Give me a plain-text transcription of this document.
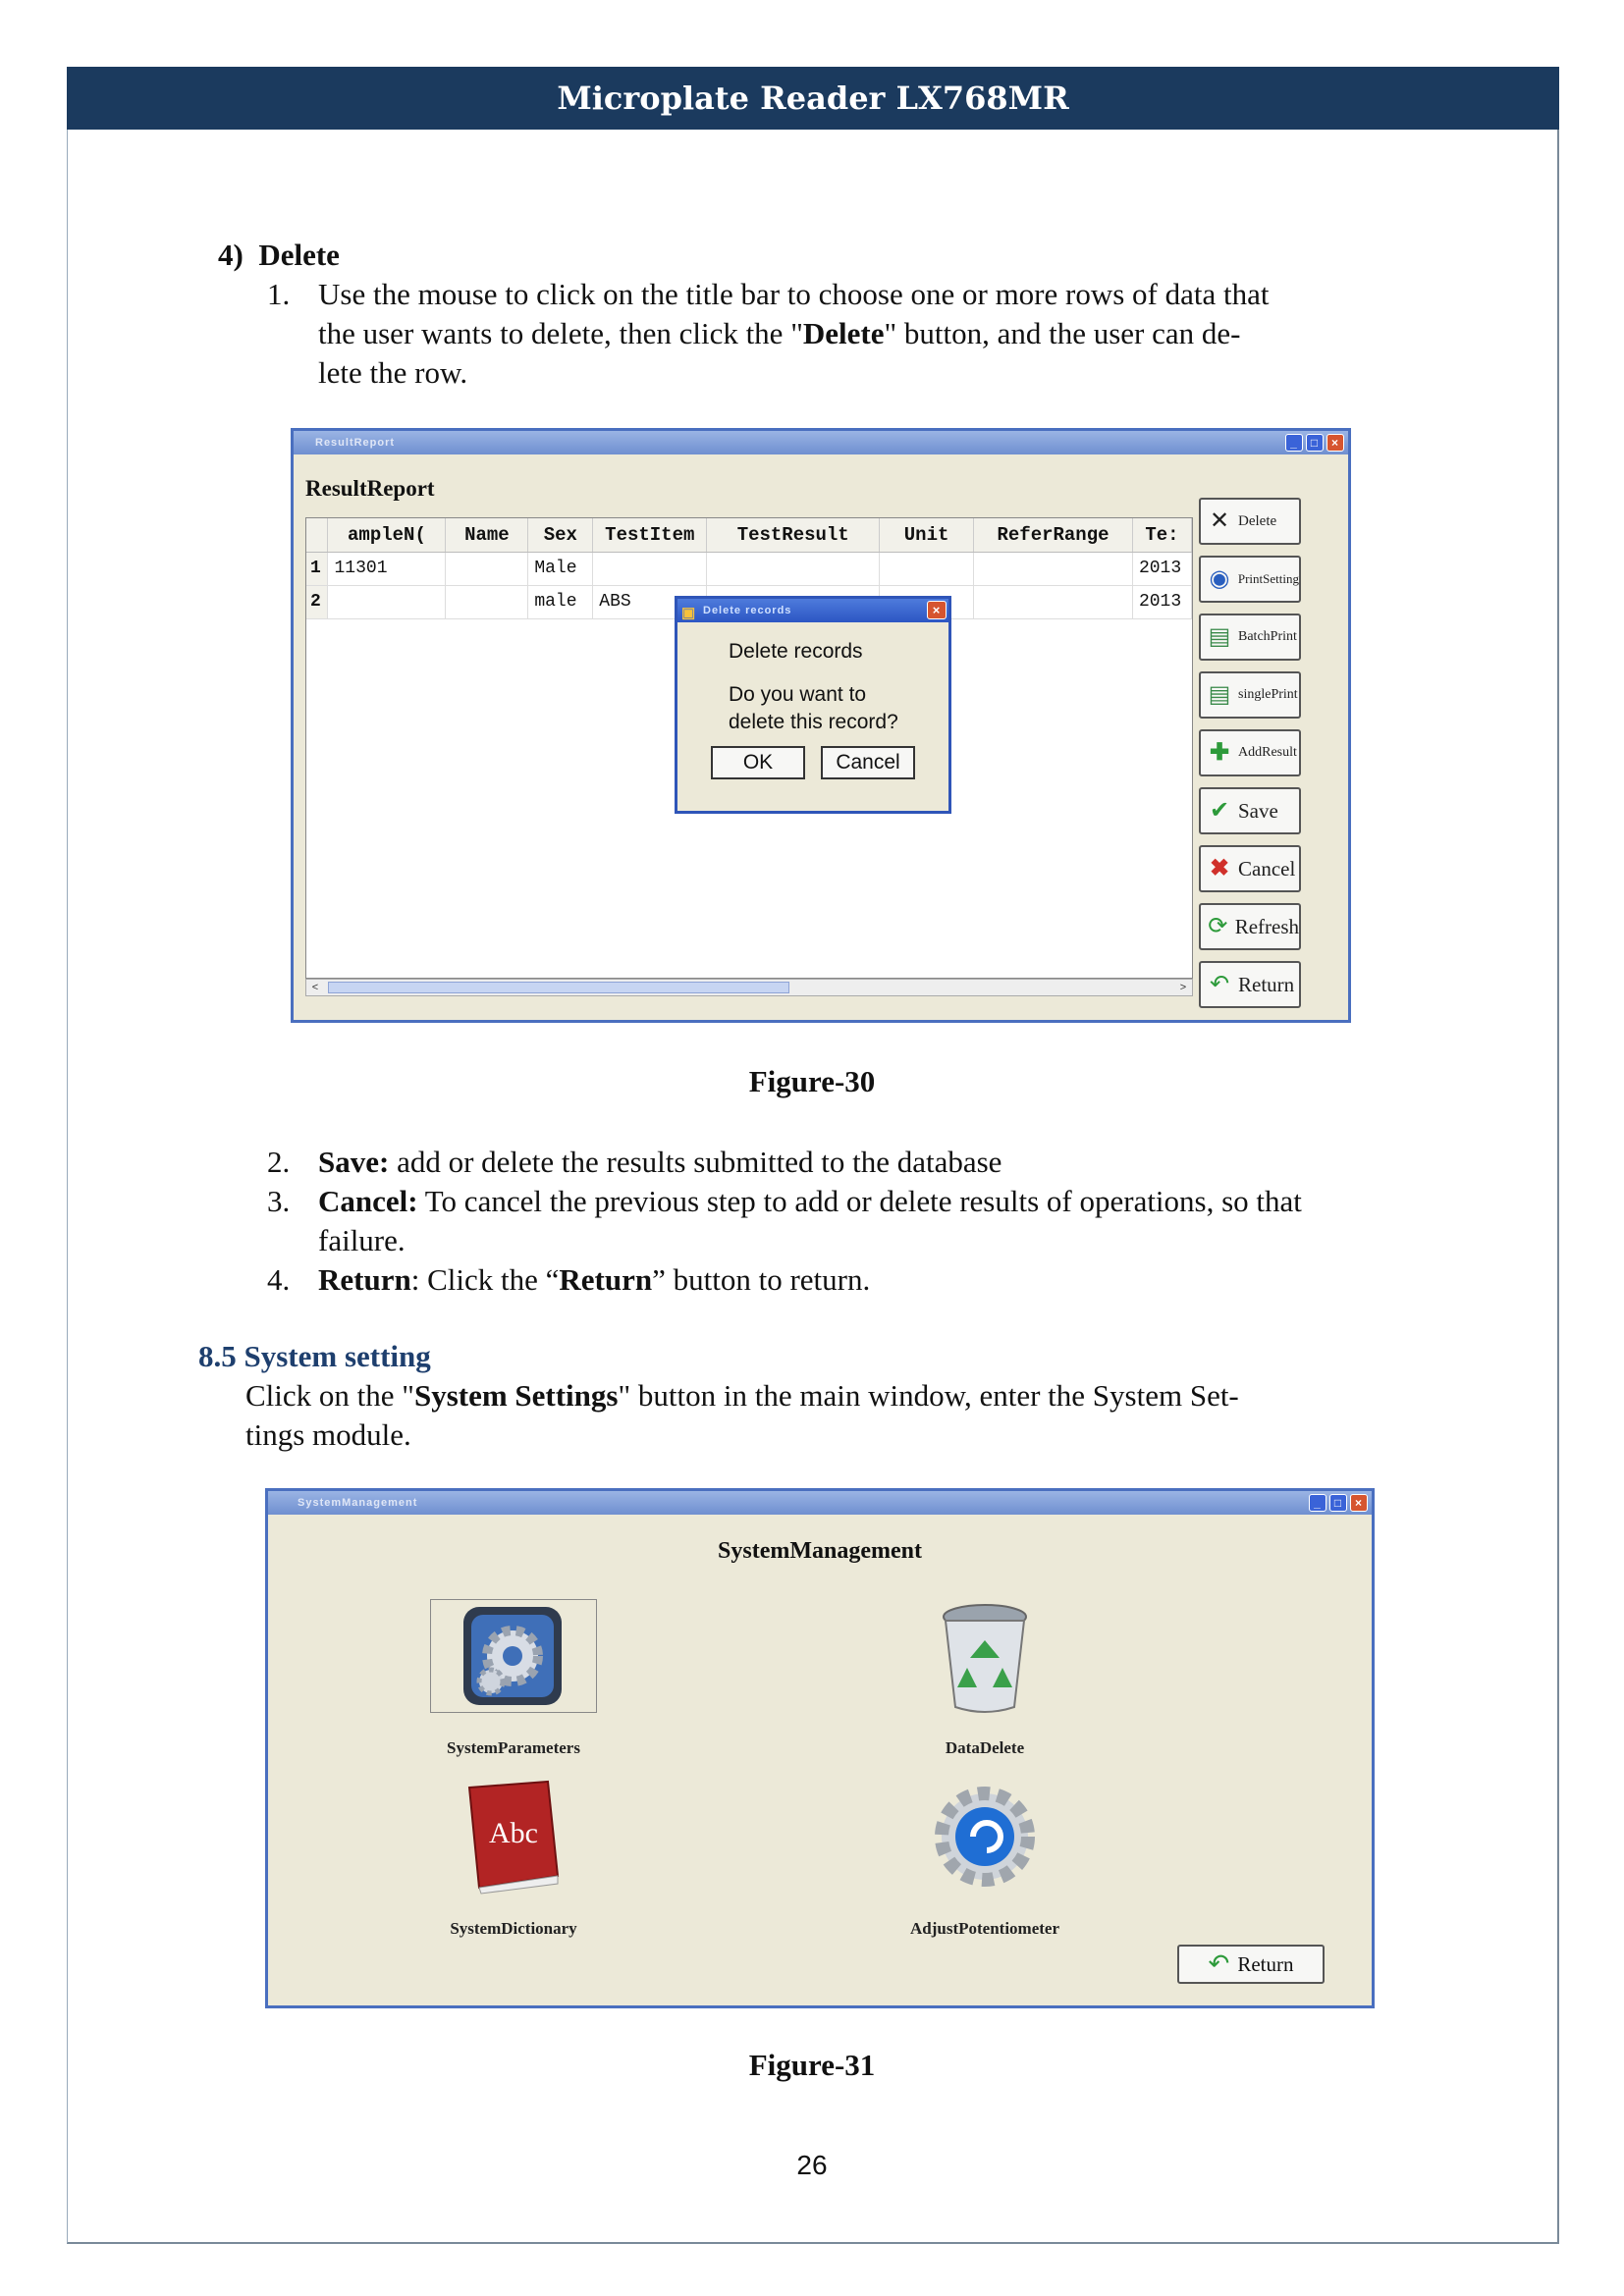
Microplate Reader LX768MR
4)  Delete
1. Use the mouse to click on the title bar to choose one or more rows of data that
the user wants to delete, then click the "Delete" button, and the user can de-
lete the row.
ResultReport	_	□	×
ResultReport
	ampleN(	Name	Sex	TestItem	TestResult	Unit	ReferRange	Te:
1	11301		Male					2013
2			male	ABS				2013
<	>
▣ Delete records	×
Delete records
Do you want to
delete this record?
OK	Cancel
✕ Delete
◉ PrintSetting
▤ BatchPrint
▤ singlePrint
✚ AddResult
✔ Save
✖ Cancel
⟳ Refresh
↶ Return
Figure-30
2. Save: add or delete the results submitted to the database
3. Cancel: To cancel the previous step to add or delete results of operations, so that
failure.
4. Return: Click the “Return” button to return.
8.5 System setting
Click on the "System Settings" button in the main window, enter the System Set-
tings module.
SystemManagement	_	□	×
SystemManagement
SystemParameters	DataDelete
Abc
SystemDictionary	AdjustPotentiometer
↶ Return
Figure-31
26
